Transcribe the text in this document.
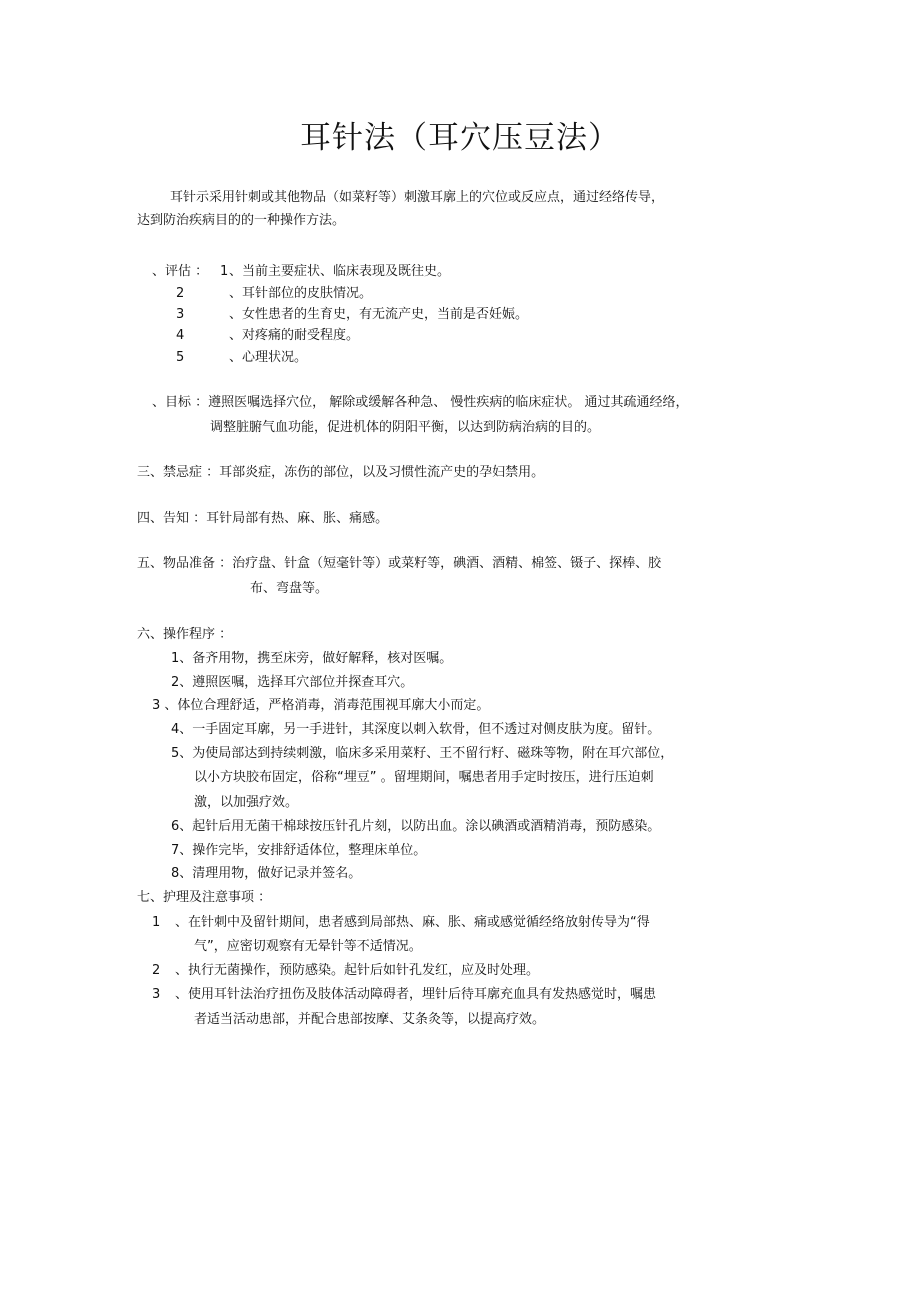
耳针法（耳穴压豆法）
耳针示采用针刺或其他物品（如菜籽等）刺激耳廓上的穴位或反应点，通过经络传导，
达到防治疾病目的的一种操作方法。
、评估 ： 1 、当前主要症状、临床表现及既往史。
2	、耳针部位的皮肤情况。
3	、女性患者的生育史，有无流产史，当前是否妊娠。
4	、对疼痛的耐受程度。
5	、心理状况。
、目标 ：遵照医嘱选择穴位， 解除或缓解各种急、 慢性疾病的临床症状。 通过其疏通经络，
调整脏腑气血功能，促进机体的阴阳平衡，以达到防病治病的目的。
三、禁忌症 ：耳部炎症，冻伤的部位，以及习惯性流产史的孕妇禁用。
四、告知 ：耳针局部有热、麻、胀、痛感。
五、物品准备 ：治疗盘、针盒（短毫针等）或菜籽等，碘酒、酒精、棉签、镊子、探棒、胶
布、弯盘等。
六、操作程序 ：
1、备齐用物，携至床旁，做好解释，核对医嘱。
2、遵照医嘱，选择耳穴部位并探查耳穴。
3 、体位合理舒适，严格消毒，消毒范围视耳廓大小而定。
4、一手固定耳廓，另一手进针，其深度以刺入软骨，但不透过对侧皮肤为度。留针。
5、为使局部达到持续刺激，临床多采用菜籽、王不留行籽、磁珠等物，附在耳穴部位，
以小方块胶布固定，俗称“埋豆” 。留埋期间，嘱患者用手定时按压，进行压迫刺
激，以加强疗效。
6、起针后用无菌干棉球按压针孔片刻，以防出血。涂以碘酒或酒精消毒，预防感染。
7、操作完毕，安排舒适体位，整理床单位。
8、清理用物，做好记录并签名。
七、护理及注意事项 ：
1 、在针刺中及留针期间，患者感到局部热、麻、胀、痛或感觉循经络放射传导为“得
气”，应密切观察有无晕针等不适情况。
2 、执行无菌操作，预防感染。起针后如针孔发红，应及时处理。
3 、使用耳针法治疗扭伤及肢体活动障碍者，埋针后待耳廓充血具有发热感觉时，嘱患
者适当活动患部，并配合患部按摩、艾条灸等，以提高疗效。
